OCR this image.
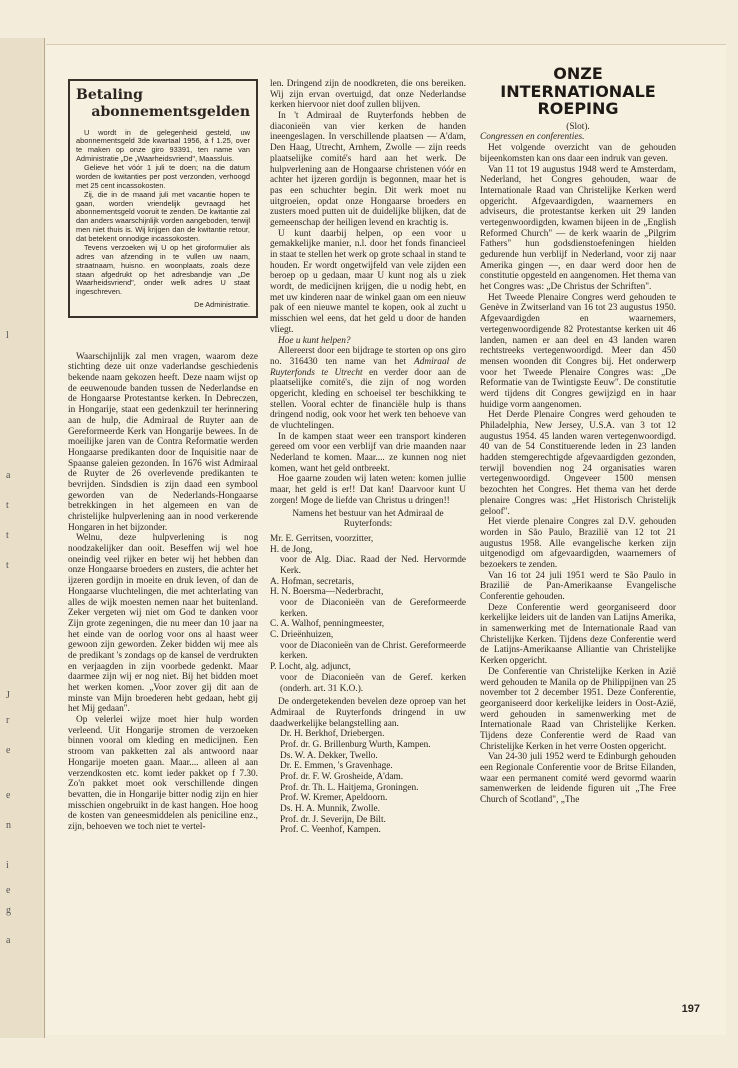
l
a
t
t
t
J
r
e
e
n
i
e
g
a
Betaling
abonnementsgelden

U wordt in de gelegenheid gesteld, uw abonnementsgeld 3de kwartaal 1956, à f 1.25, over te maken op onze giro 93391, ten name van Administratie „De „Waarheidsvriend", Maassluis.

Gelieve het vóór 1 juli te doen; na die datum worden de kwitanties per post verzonden, verhoogd met 25 cent incassokosten.

Zij, die in de maand juli met vacantie hopen te gaan, worden vriendelijk gevraagd het abonnementsgeld vooruit te zenden. De kwitantie zal dan anders waarschijnlijk vorden aangeboden, terwijl men niet thuis is. Wij krijgen dan de kwitantie retour, dat betekent onnodige incassokosten.

Tevens verzoeken wij U op het giroformulier als adres van afzending in te vullen uw naam, straatnaam, huisno. en woonplaats, zoals deze staan afgedrukt op het adresbandje van „De Waarheidsvriend", onder welk adres U staat ingeschreven.

De Administratie.

Waarschijnlijk zal men vragen, waarom deze stichting deze uit onze vaderlandse geschiedenis bekende naam gekozen heeft. Deze naam wijst op de eeuwenoude banden tussen de Nederlandse en de Hongaarse Protestantse kerken. In Debreczen, in Hongarije, staat een gedenkzuil ter herinnering aan de hulp, die Admiraal de Ruyter aan de Gereformeerde Kerk van Hongarije bewees. In de moeilijke jaren van de Contra Reformatie werden Hongaarse predikanten door de Inquisitie naar de Spaanse galeien gezonden. In 1676 wist Admiraal de Ruyter de 26 overlevende predikanten te bevrijden. Sindsdien is zijn daad een symbool geworden van de Nederlands-Hongaarse betrekkingen in het algemeen en van de christelijke hulpverlening aan in nood verkerende Hongaren in het bijzonder.

Welnu, deze hulpverlening is nog noodzakelijker dan ooit. Beseffen wij wel hoe oneindig veel rijker en beter wij het hebben dan onze Hongaarse broeders en zusters, die achter het ijzeren gordijn in moeite en druk leven, of dan de Hongaarse vluchtelingen, die met achterlating van alles de wijk moesten nemen naar het buitenland. Zeker vergeten wij niet om God te danken voor Zijn grote zegeningen, die nu meer dan 10 jaar na het einde van de oorlog voor ons al haast weer gewoon zijn geworden. Zeker bidden wij mee als de predikant 's zondags op de kansel de verdrukten en verjaagden in zijn voorbede gedenkt. Maar daarmee zijn wij er nog niet. Bij het bidden moet het werken komen. „Voor zover gij dit aan de minste van Mijn broederen hebt gedaan, hebt gij het Mij gedaan".

Op velerlei wijze moet hier hulp worden verleend. Uit Hongarije stromen de verzoeken binnen vooral om kleding en medicijnen. Een stroom van pakketten zal als antwoord naar Hongarije moeten gaan. Maar.... alleen al aan verzendkosten etc. komt ieder pakket op f 7.30. Zo'n pakket moet ook verschillende dingen bevatten, die in Hongarije bitter nodig zijn en hier misschien ongebruikt in de kast hangen. Hoe hoog de kosten van geneesmiddelen als peniciline enz., zijn, behoeven we toch niet te vertel-

len. Dringend zijn de noodkreten, die ons bereiken. Wij zijn ervan overtuigd, dat onze Nederlandse kerken hiervoor niet doof zullen blijven.

In 't Admiraal de Ruyterfonds hebben de diaconieën van vier kerken de handen ineengeslagen. In verschillende plaatsen — A'dam, Den Haag, Utrecht, Arnhem, Zwolle — zijn reeds plaatselijke comité's hard aan het werk. De hulpverlening aan de Hongaarse christenen vóór en achter het ijzeren gordijn is begonnen, maar het is pas een schuchter begin. Dit werk moet nu uitgroeien, opdat onze Hongaarse broeders en zusters moed putten uit de duidelijke blijken, dat de gemeenschap der heiligen levend en krachtig is.

U kunt daarbij helpen, op een voor u gemakkelijke manier, n.l. door het fonds financieel in staat te stellen het werk op grote schaal in stand te houden. Er wordt ongetwijfeld van vele zijden een beroep op u gedaan, maar U kunt nog als u ziek wordt, de medicijnen krijgen, die u nodig hebt, en met uw kinderen naar de winkel gaan om een nieuw pak of een nieuwe mantel te kopen, ook al zucht u misschien wel eens, dat het geld u door de handen vliegt.

Hoe u kunt helpen?

Allereerst door een bijdrage te storten op ons giro no. 316430 ten name van het Admiraal de Ruyterfonds te Utrecht en verder door aan de plaatselijke comité's, die zijn of nog worden opgericht, kleding en schoeisel ter beschikking te stellen. Vooral echter de financiële hulp is thans dringend nodig, ook voor het werk ten behoeve van de vluchtelingen.

In de kampen staat weer een transport kinderen gereed om voor een verblijf van drie maanden naar Nederland te komen. Maar.... ze kunnen nog niet komen, want het geld ontbreekt.

Hoe gaarne zouden wij laten weten: komen jullie maar, het geld is er!! Dat kan! Daarvoor kunt U zorgen! Moge de liefde van Christus u dringen!!

Namens het bestuur van het Admiraal de Ruyterfonds:
Mr. E. Gerritsen, voorzitter,
H. de Jong,
voor de Alg. Diac. Raad der Ned. Hervormde Kerk.
A. Hofman, secretaris,
H. N. Boersma—Nederbracht,
voor de Diaconieën van de Gereformeerde kerken.
C. A. Walhof, penningmeester,
C. Drieënhuizen,
voor de Diaconieën van de Christ. Gereformeerde kerken.
P. Locht, alg. adjunct,
voor de Diaconieën van de Geref. kerken (onderh. art. 31 K.O.).

De ondergetekenden bevelen deze oproep van het Admiraal de Ruyterfonds dringend in uw daadwerkelijke belangstelling aan.

Dr. H. Berkhof, Driebergen.
Prof. dr. G. Brillenburg Wurth, Kampen.
Ds. W. A. Dekker, Twello.
Dr. E. Emmen, 's Gravenhage.
Prof. dr. F. W. Grosheide, A'dam.
Prof. dr. Th. L. Haitjema, Groningen.
Prof. W. Kremer, Apeldoorn.
Ds. H. A. Munnik, Zwolle.
Prof. dr. J. Severijn, De Bilt.
Prof. C. Veenhof, Kampen.
ONZE
INTERNATIONALE
ROEPING
(Slot).

Congressen en conferenties.

Het volgende overzicht van de gehouden bijeenkomsten kan ons daar een indruk van geven.

Van 11 tot 19 augustus 1948 werd te Amsterdam, Nederland, het Congres gehouden, waar de Internationale Raad van Christelijke Kerken werd opgericht. Afgevaardigden, waarnemers en adviseurs, die protestantse kerken uit 29 landen vertegenwoordigden, kwamen bijeen in de „English Reformed Church" — de kerk waarin de „Pilgrim Fathers" hun godsdienstoefeningen hielden gedurende hun verblijf in Nederland, voor zij naar Amerika gingen —, en daar werd door hen de constitutie opgesteld en aangenomen. Het thema van het Congres was: „De Christus der Schriften".

Het Tweede Plenaire Congres werd gehouden te Genève in Zwitserland van 16 tot 23 augustus 1950. Afgevaardigden en waarnemers, vertegenwoordigende 82 Protestantse kerken uit 46 landen, namen er aan deel en 43 landen waren rechtstreeks vertegenwoordigd. Meer dan 450 mensen woonden dit Congres bij. Het onderwerp voor het Tweede Plenaire Congres was: „De Reformatie van de Twintigste Eeuw". De constitutie werd tijdens dit Congres gewijzigd en in haar huidige vorm aangenomen.

Het Derde Plenaire Congres werd gehouden te Philadelphia, New Jersey, U.S.A. van 3 tot 12 augustus 1954. 45 landen waren vertegenwoordigd. 40 van de 54 Constituerende leden in 23 landen hadden stemgerechtigde afgevaardigden gezonden, terwijl bovendien nog 24 organisaties waren vertegenwoordigd. Ongeveer 1500 mensen bezochten het Congres. Het thema van het derde plenaire Congres was: „Het Historisch Christelijk geloof".

Het vierde plenaire Congres zal D.V. gehouden worden in São Paulo, Brazilië van 12 tot 21 augustus 1958. Alle evangelische kerken zijn uitgenodigd om afgevaardigden, waarnemers of bezoekers te zenden.

Van 16 tot 24 juli 1951 werd te São Paulo in Brazilië de Pan-Amerikaanse Evangelische Conferentie gehouden.

Deze Conferentie werd georganiseerd door kerkelijke leiders uit de landen van Latijns Amerika, in samenwerking met de Internationale Raad van Christelijke Kerken. Tijdens deze Conferentie werd de Latijns-Amerikaanse Alliantie van Christelijke Kerken opgericht.

De Conferentie van Christelijke Kerken in Azië werd gehouden te Manila op de Philippijnen van 25 november tot 2 december 1951. Deze Conferentie, georganiseerd door kerkelijke leiders in Oost-Azië, werd gehouden in samenwerking met de Internationale Raad van Christelijke Kerken. Tijdens deze Conferentie werd de Raad van Christelijke Kerken in het verre Oosten opgericht.

Van 24-30 juli 1952 werd te Edinburgh gehouden een Regionale Conferentie voor de Britse Eilanden, waar een permanent comité werd gevormd waarin samenwerken de leidende figuren uit „The Free Church of Scotland", „The

197
